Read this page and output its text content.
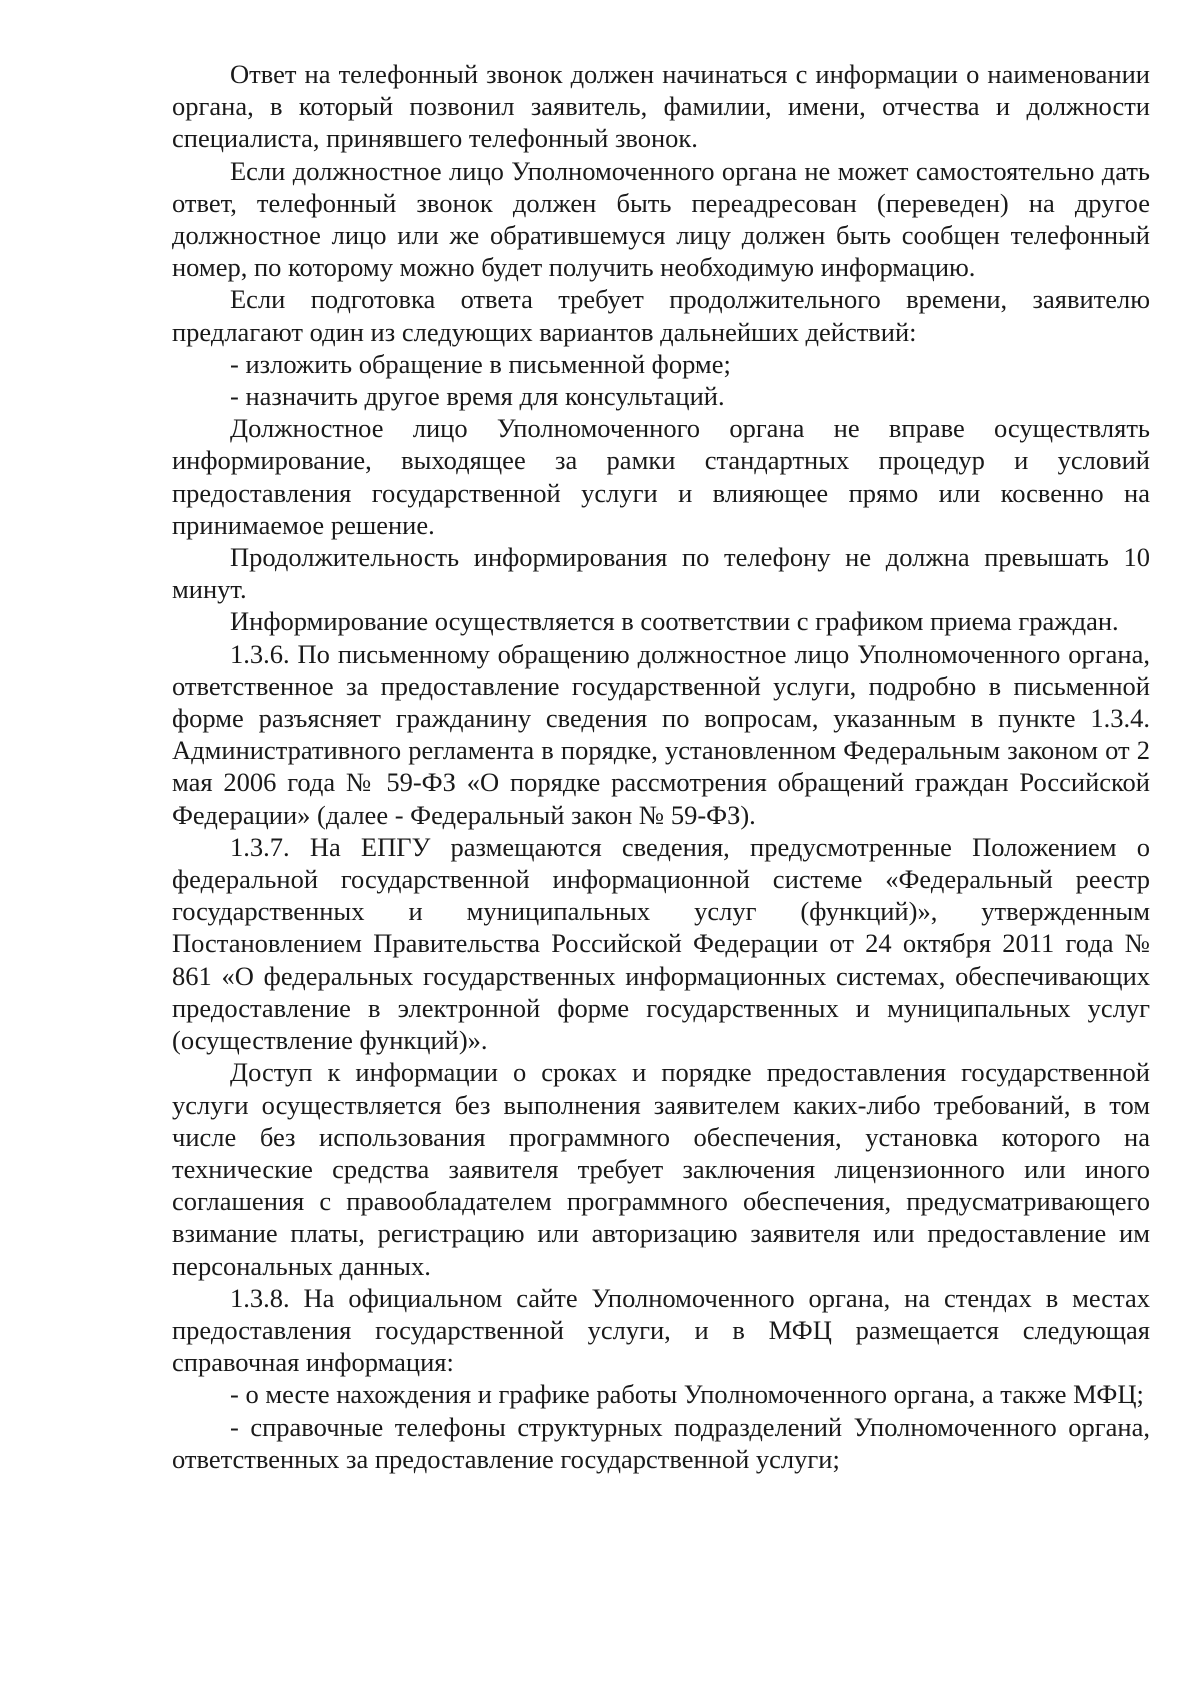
Ответ на телефонный звонок должен начинаться с информации о наименовании органа, в который позвонил заявитель, фамилии, имени, отчества и должности специалиста, принявшего телефонный звонок.

Если должностное лицо Уполномоченного органа не может самостоятельно дать ответ, телефонный звонок должен быть переадресован (переведен) на другое должностное лицо или же обратившемуся лицу должен быть сообщен телефонный номер, по которому можно будет получить необходимую информацию.

Если подготовка ответа требует продолжительного времени, заявителю предлагают один из следующих вариантов дальнейших действий:

- изложить обращение в письменной форме;

- назначить другое время для консультаций.

Должностное лицо Уполномоченного органа не вправе осуществлять информирование, выходящее за рамки стандартных процедур и условий предоставления государственной услуги и влияющее прямо или косвенно на принимаемое решение.

Продолжительность информирования по телефону не должна превышать 10 минут.

Информирование осуществляется в соответствии с графиком приема граждан.

1.3.6. По письменному обращению должностное лицо Уполномоченного органа, ответственное за предоставление государственной услуги, подробно в письменной форме разъясняет гражданину сведения по вопросам, указанным в пункте 1.3.4. Административного регламента в порядке, установленном Федеральным законом от 2 мая 2006 года № 59-ФЗ «О порядке рассмотрения обращений граждан Российской Федерации» (далее - Федеральный закон № 59-ФЗ).

1.3.7. На ЕПГУ размещаются сведения, предусмотренные Положением о федеральной государственной информационной системе «Федеральный реестр государственных и муниципальных услуг (функций)», утвержденным Постановлением Правительства Российской Федерации от 24 октября 2011 года № 861 «О федеральных государственных информационных системах, обеспечивающих предоставление в электронной форме государственных и муниципальных услуг (осуществление функций)».

Доступ к информации о сроках и порядке предоставления государственной услуги осуществляется без выполнения заявителем каких-либо требований, в том числе без использования программного обеспечения, установка которого на технические средства заявителя требует заключения лицензионного или иного соглашения с правообладателем программного обеспечения, предусматривающего взимание платы, регистрацию или авторизацию заявителя или предоставление им персональных данных.

1.3.8. На официальном сайте Уполномоченного органа, на стендах в местах предоставления государственной услуги, и в МФЦ размещается следующая справочная информация:

- о месте нахождения и графике работы Уполномоченного органа, а также МФЦ;

- справочные телефоны структурных подразделений Уполномоченного органа, ответственных за предоставление государственной услуги;
